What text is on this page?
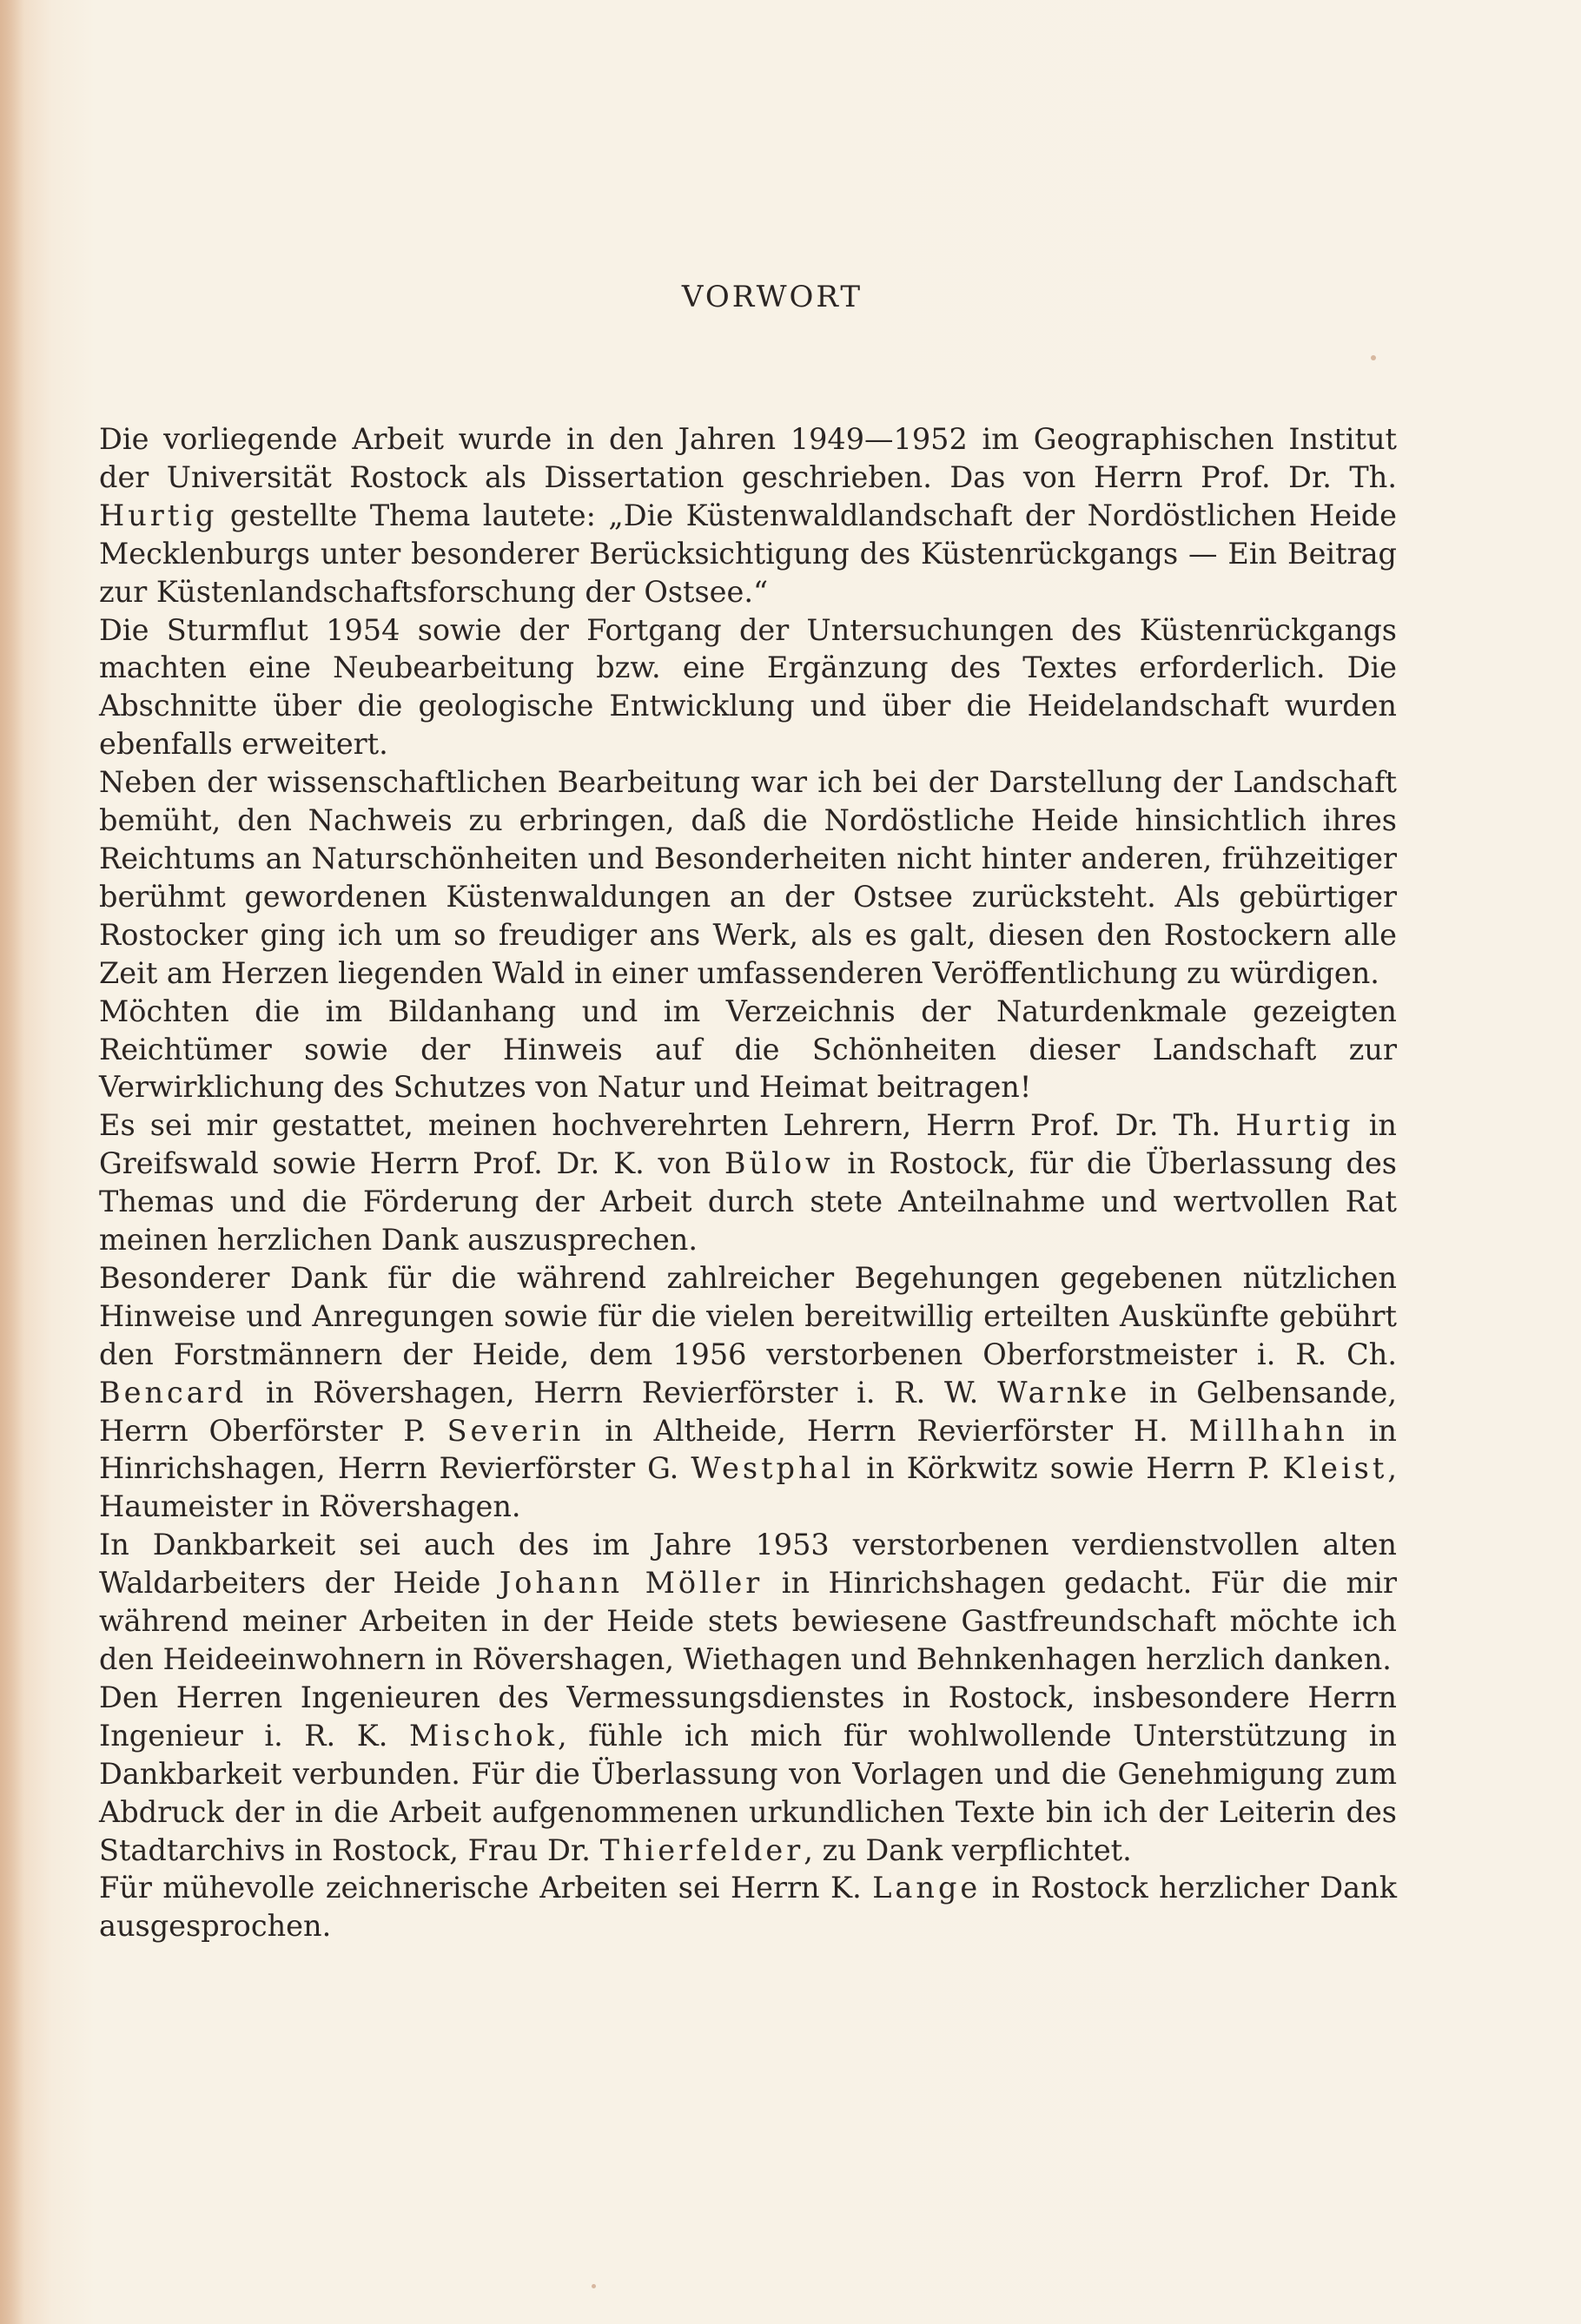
VORWORT

Die vorliegende Arbeit wurde in den Jahren 1949—1952 im Geographischen Institut der Universität Rostock als Dissertation geschrieben. Das von Herrn Prof. Dr. Th. Hurtig gestellte Thema lautete: „Die Küstenwaldlandschaft der Nordöstlichen Heide Mecklenburgs unter besonderer Berücksichtigung des Küstenrückgangs — Ein Beitrag zur Küstenlandschaftsforschung der Ostsee.“

Die Sturmflut 1954 sowie der Fortgang der Untersuchungen des Küstenrückgangs machten eine Neubearbeitung bzw. eine Ergänzung des Textes erforderlich. Die Abschnitte über die geologische Entwicklung und über die Heidelandschaft wurden ebenfalls erweitert.

Neben der wissenschaftlichen Bearbeitung war ich bei der Darstellung der Landschaft bemüht, den Nachweis zu erbringen, daß die Nordöstliche Heide hinsichtlich ihres Reichtums an Naturschönheiten und Besonderheiten nicht hinter anderen, frühzeitiger berühmt gewordenen Küstenwaldungen an der Ostsee zurücksteht. Als gebürtiger Rostocker ging ich um so freudiger ans Werk, als es galt, diesen den Rostockern alle Zeit am Herzen liegenden Wald in einer umfassenderen Veröffentlichung zu würdigen.

Möchten die im Bildanhang und im Verzeichnis der Naturdenkmale gezeigten Reichtümer sowie der Hinweis auf die Schönheiten dieser Landschaft zur Verwirklichung des Schutzes von Natur und Heimat beitragen!

Es sei mir gestattet, meinen hochverehrten Lehrern, Herrn Prof. Dr. Th. Hurtig in Greifswald sowie Herrn Prof. Dr. K. von Bülow in Rostock, für die Überlassung des Themas und die Förderung der Arbeit durch stete Anteilnahme und wertvollen Rat meinen herzlichen Dank auszusprechen.

Besonderer Dank für die während zahlreicher Begehungen gegebenen nützlichen Hinweise und Anregungen sowie für die vielen bereitwillig erteilten Auskünfte gebührt den Forstmännern der Heide, dem 1956 verstorbenen Oberforstmeister i. R. Ch. Bencard in Rövershagen, Herrn Revierförster i. R. W. Warnke in Gelbensande, Herrn Oberförster P. Severin in Altheide, Herrn Revierförster H. Millhahn in Hinrichshagen, Herrn Revierförster G. Westphal in Körkwitz sowie Herrn P. Kleist, Haumeister in Rövershagen.

In Dankbarkeit sei auch des im Jahre 1953 verstorbenen verdienstvollen alten Waldarbeiters der Heide Johann Möller in Hinrichshagen gedacht. Für die mir während meiner Arbeiten in der Heide stets bewiesene Gastfreundschaft möchte ich den Heideeinwohnern in Rövershagen, Wiethagen und Behnkenhagen herzlich danken.

Den Herren Ingenieuren des Vermessungsdienstes in Rostock, insbesondere Herrn Ingenieur i. R. K. Mischok, fühle ich mich für wohlwollende Unterstützung in Dankbarkeit verbunden. Für die Überlassung von Vorlagen und die Genehmigung zum Abdruck der in die Arbeit aufgenommenen urkundlichen Texte bin ich der Leiterin des Stadtarchivs in Rostock, Frau Dr. Thierfelder, zu Dank verpflichtet.

Für mühevolle zeichnerische Arbeiten sei Herrn K. Lange in Rostock herzlicher Dank ausgesprochen.
